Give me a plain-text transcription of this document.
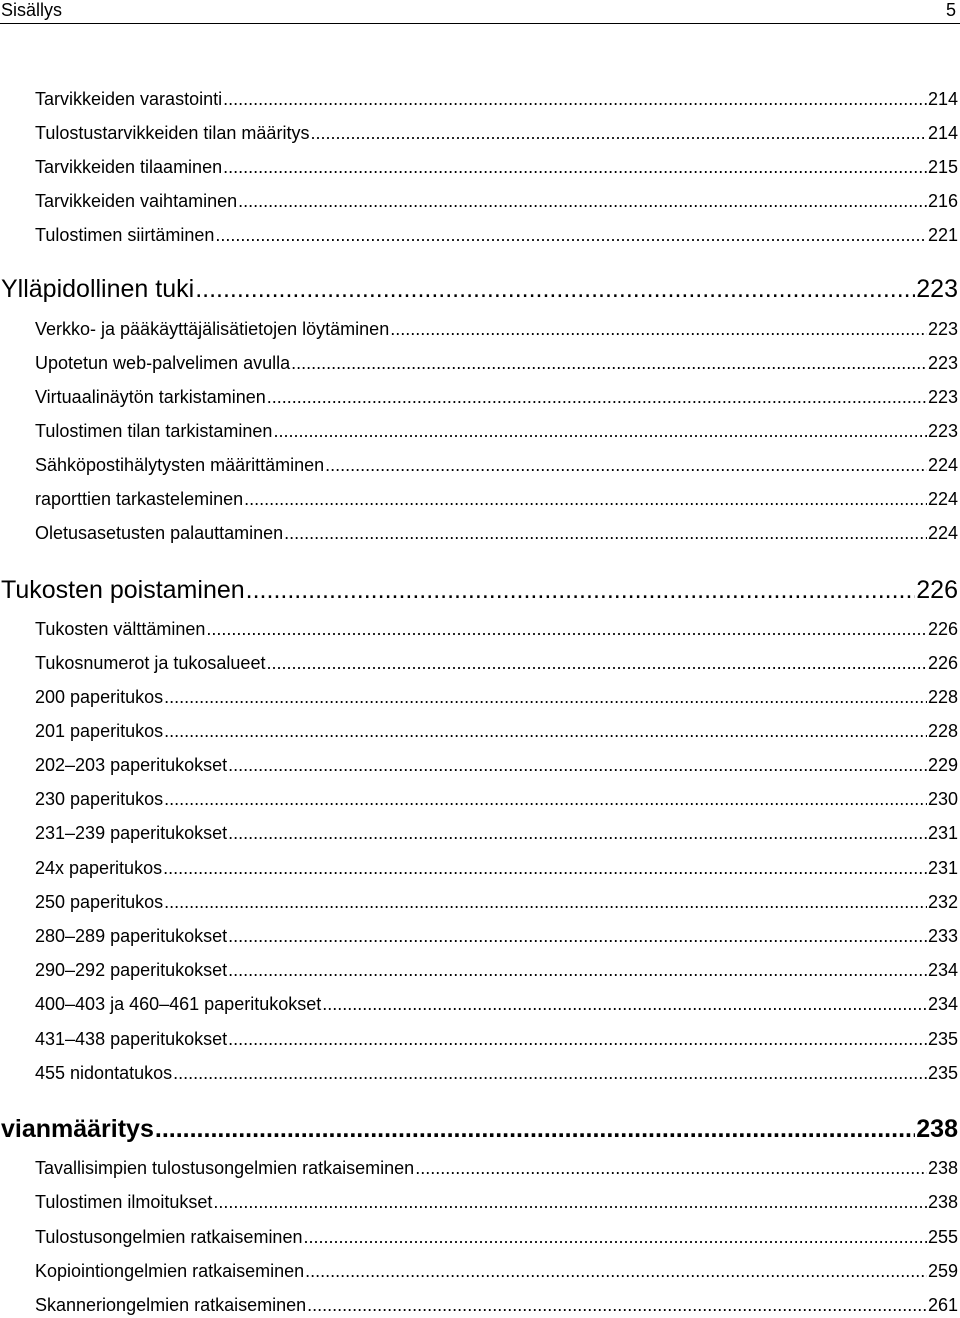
Sisällys	5
Tarvikkeiden varastointi .....	214
Tulostustarvikkeiden tilan määritys .....	214
Tarvikkeiden tilaaminen .....	215
Tarvikkeiden vaihtaminen .....	216
Tulostimen siirtäminen .....	221
Ylläpidollinen tuki .....	223
Verkko- ja pääkäyttäjälisätietojen löytäminen .....	223
Upotetun web-palvelimen avulla .....	223
Virtuaalinäytön tarkistaminen .....	223
Tulostimen tilan tarkistaminen .....	223
Sähköpostihälytysten määrittäminen .....	224
raporttien tarkasteleminen .....	224
Oletusasetusten palauttaminen .....	224
Tukosten poistaminen .....	226
Tukosten välttäminen .....	226
Tukosnumerot ja tukosalueet .....	226
200 paperitukos .....	228
201 paperitukos .....	228
202–203 paperitukokset .....	229
230 paperitukos .....	230
231–239 paperitukokset .....	231
24x paperitukos .....	231
250 paperitukos .....	232
280–289 paperitukokset .....	233
290–292 paperitukokset .....	234
400–403 ja 460–461 paperitukokset .....	234
431–438 paperitukokset .....	235
455 nidontatukos .....	235
vianmääritys .....	238
Tavallisimpien tulostusongelmien ratkaiseminen .....	238
Tulostimen ilmoitukset .....	238
Tulostusongelmien ratkaiseminen .....	255
Kopiointiongelmien ratkaiseminen .....	259
Skanneriongelmien ratkaiseminen .....	261
